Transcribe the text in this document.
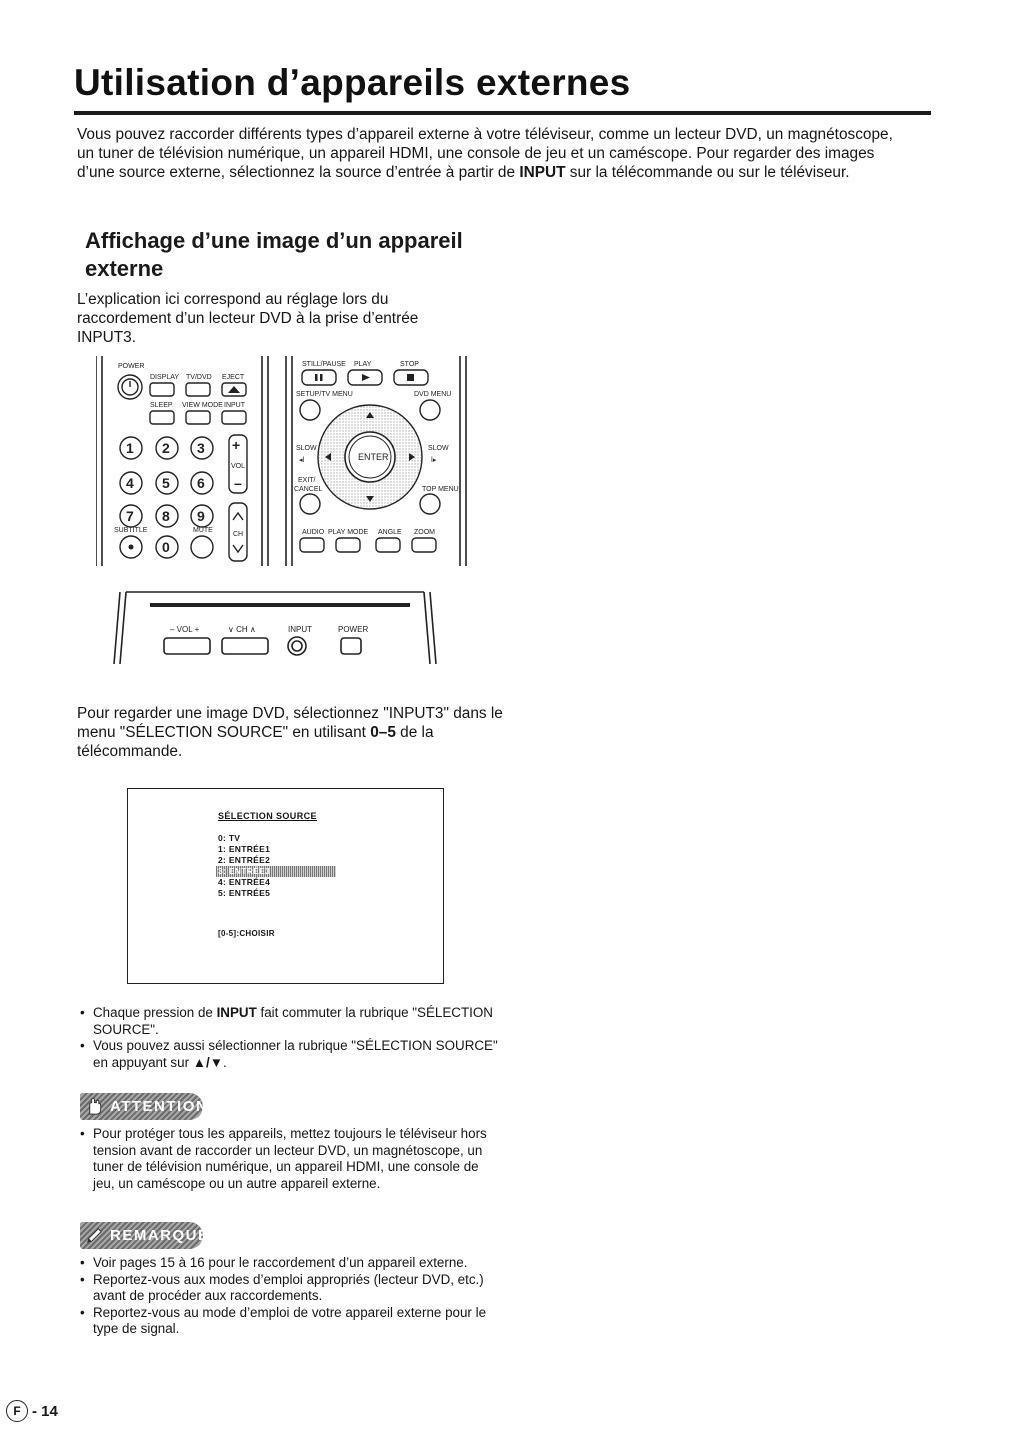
Utilisation d’appareils externes

Vous pouvez raccorder différents types d’appareil externe à votre téléviseur, comme un lecteur DVD, un magnétoscope, un tuner de télévision numérique, un appareil HDMI, une console de jeu et un caméscope. Pour regarder des images d’une source externe, sélectionnez la source d’entrée à partir de INPUT sur la télécommande ou sur le téléviseur.

Affichage d’une image d’un appareil externe

L’explication ici correspond au réglage lors du raccordement d’un lecteur DVD à la prise d’entrée INPUT3.

POWER
DISPLAY TV/DVD EJECT
SLEEP VIEW MODE INPUT
1 2 3
4 5 6
7 8 9
0
SUBTITLE	MUTE
+
VOL
–
CH
STILL/PAUSE PLAY	STOP
SETUP/TV MENU	DVD MENU
ENTER
SLOW
◂ǀ
SLOW
ǀ▸
EXIT/
CANCEL	TOP MENU
AUDIO PLAY MODE ANGLE ZOOM
– VOL +	∨ CH ∧	INPUT	POWER

Pour regarder une image DVD, sélectionnez "INPUT3" dans le menu "SÉLECTION SOURCE" en utilisant 0–5 de la télécommande.

SÉLECTION SOURCE
0: TV
1: ENTRÉE1
2: ENTRÉE2
3: ENTRÉE3
4: ENTRÉE4
5: ENTRÉE5
[0-5]:CHOISIR
• Chaque pression de INPUT fait commuter la rubrique "SÉLECTION SOURCE".
• Vous pouvez aussi sélectionner la rubrique "SÉLECTION SOURCE" en appuyant sur ▲/▼.
ATTENTION
• Pour protéger tous les appareils, mettez toujours le téléviseur hors tension avant de raccorder un lecteur DVD, un magnétoscope, un tuner de télévision numérique, un appareil HDMI, une console de jeu, un caméscope ou un autre appareil externe.
REMARQUE
• Voir pages 15 à 16 pour le raccordement d’un appareil externe.
• Reportez-vous aux modes d’emploi appropriés (lecteur DVD, etc.) avant de procéder aux raccordements.
• Reportez-vous au mode d’emploi de votre appareil externe pour le type de signal.
F - 14
